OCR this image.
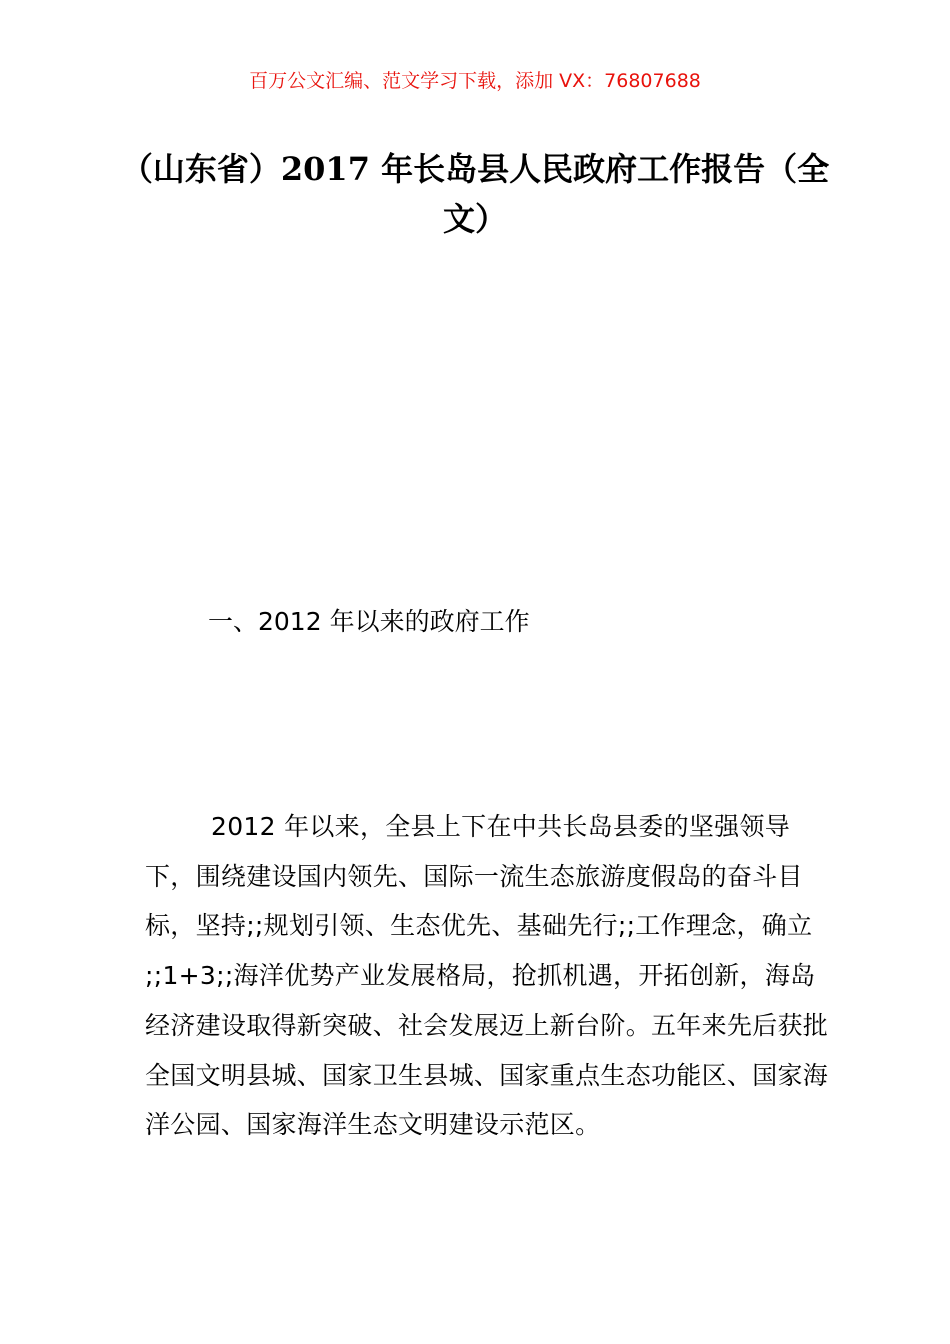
百万公文汇编、范文学习下载，添加 VX：76807688
（山东省）2017 年长岛县人民政府工作报告（全文）
一、2012 年以来的政府工作

2012 年以来，全县上下在中共长岛县委的坚强领导下，围绕建设国内领先、国际一流生态旅游度假岛的奋斗目标，坚持;;规划引领、生态优先、基础先行;;工作理念，确立 ;;1+3;;海洋优势产业发展格局，抢抓机遇，开拓创新，海岛经济建设取得新突破、社会发展迈上新台阶。五年来先后获批全国文明县城、国家卫生县城、国家重点生态功能区、国家海洋公园、国家海洋生态文明建设示范区。
